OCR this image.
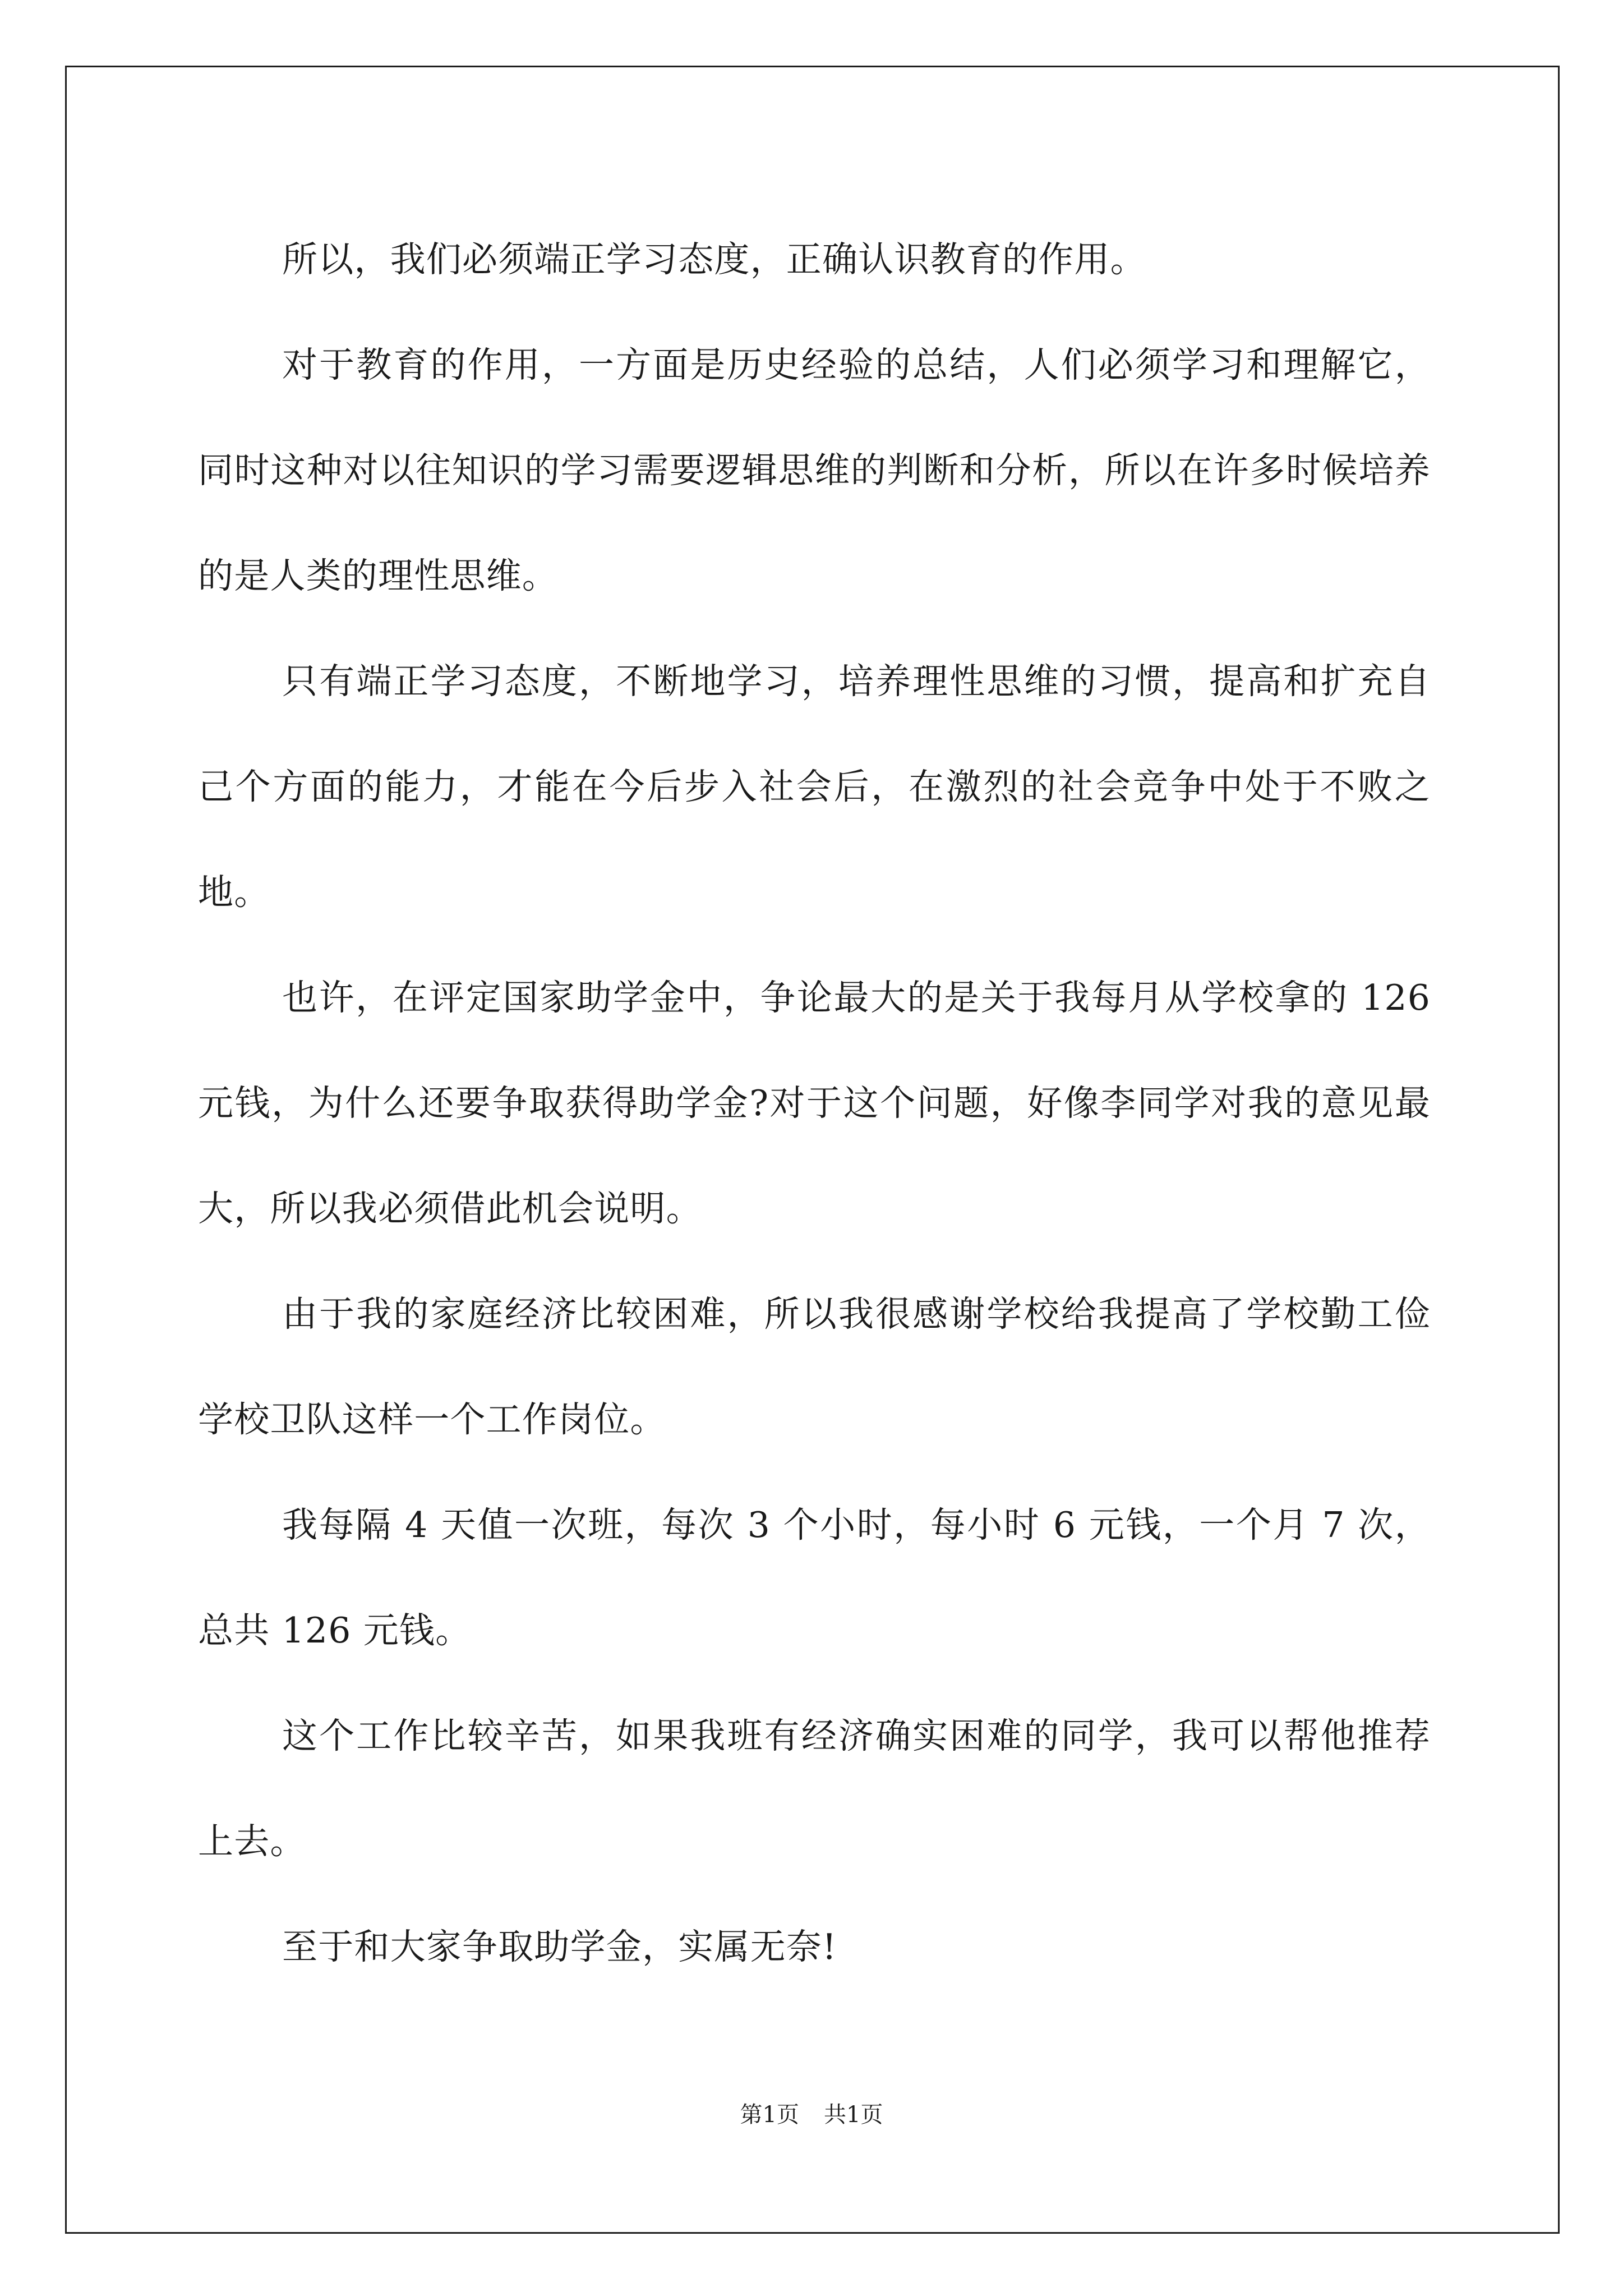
所以，我们必须端正学习态度，正确认识教育的作用。

对于教育的作用，一方面是历史经验的总结，人们必须学习和理解它，同时这种对以往知识的学习需要逻辑思维的判断和分析，所以在许多时候培养的是人类的理性思维。

只有端正学习态度，不断地学习，培养理性思维的习惯，提高和扩充自己个方面的能力，才能在今后步入社会后，在激烈的社会竞争中处于不败之地。

也许，在评定国家助学金中，争论最大的是关于我每月从学校拿的 126 元钱，为什么还要争取获得助学金?对于这个问题，好像李同学对我的意见最大，所以我必须借此机会说明。

由于我的家庭经济比较困难，所以我很感谢学校给我提高了学校勤工俭学校卫队这样一个工作岗位。

我每隔 4 天值一次班，每次 3 个小时，每小时 6 元钱，一个月 7 次，总共 126 元钱。

这个工作比较辛苦，如果我班有经济确实困难的同学，我可以帮他推荐上去。

至于和大家争取助学金，实属无奈!

第1页 共1页
